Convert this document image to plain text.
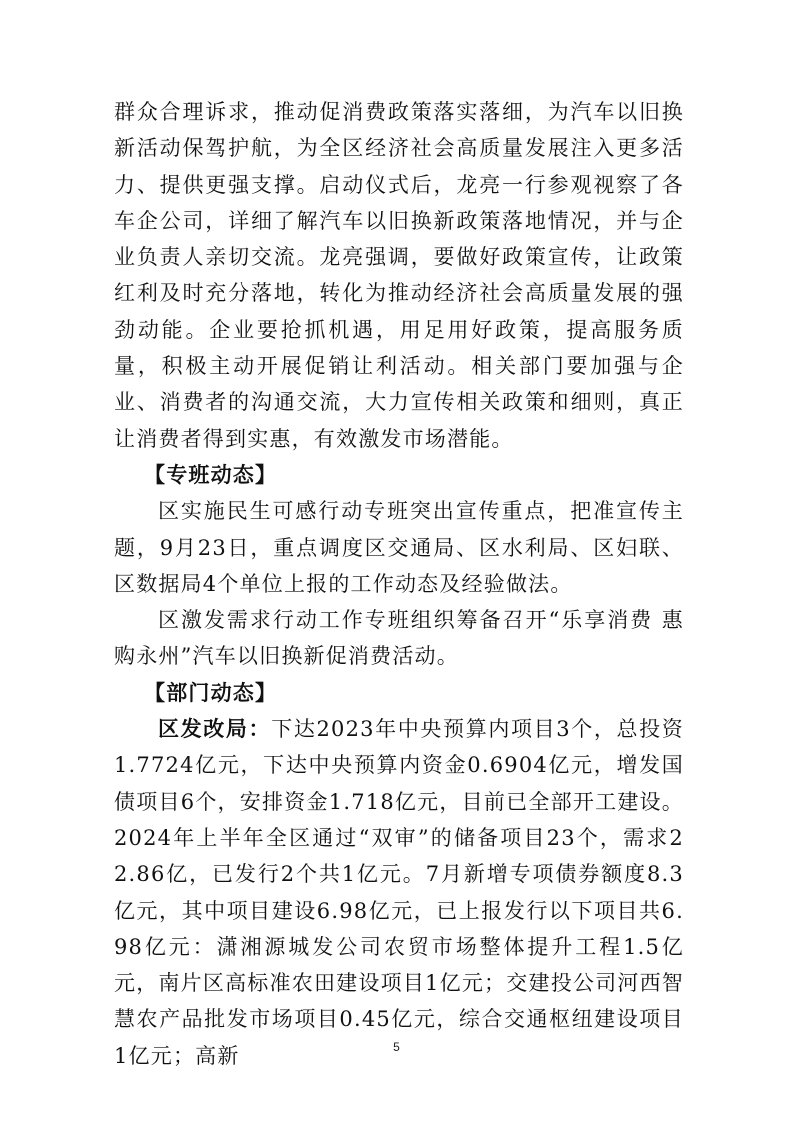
群众合理诉求，推动促消费政策落实落细，为汽车以旧换新活动保驾护航，为全区经济社会高质量发展注入更多活力、提供更强支撑。启动仪式后，龙亮一行参观视察了各车企公司，详细了解汽车以旧换新政策落地情况，并与企业负责人亲切交流。龙亮强调，要做好政策宣传，让政策红利及时充分落地，转化为推动经济社会高质量发展的强劲动能。企业要抢抓机遇，用足用好政策，提高服务质量，积极主动开展促销让利活动。相关部门要加强与企业、消费者的沟通交流，大力宣传相关政策和细则，真正让消费者得到实惠，有效激发市场潜能。

【专班动态】

区实施民生可感行动专班突出宣传重点，把准宣传主题，9月23日，重点调度区交通局、区水利局、区妇联、区数据局4个单位上报的工作动态及经验做法。

区激发需求行动工作专班组织筹备召开“乐享消费 惠购永州”汽车以旧换新促消费活动。

【部门动态】

区发改局：下达2023年中央预算内项目3个，总投资1.7724亿元，下达中央预算内资金0.6904亿元，增发国债项目6个，安排资金1.718亿元，目前已全部开工建设。2024年上半年全区通过“双审”的储备项目23个，需求22.86亿，已发行2个共1亿元。7月新增专项债券额度8.3亿元，其中项目建设6.98亿元，已上报发行以下项目共6.98亿元：潇湘源城发公司农贸市场整体提升工程1.5亿元，南片区高标准农田建设项目1亿元；交建投公司河西智慧农产品批发市场项目0.45亿元，综合交通枢纽建设项目1亿元；高新	5
